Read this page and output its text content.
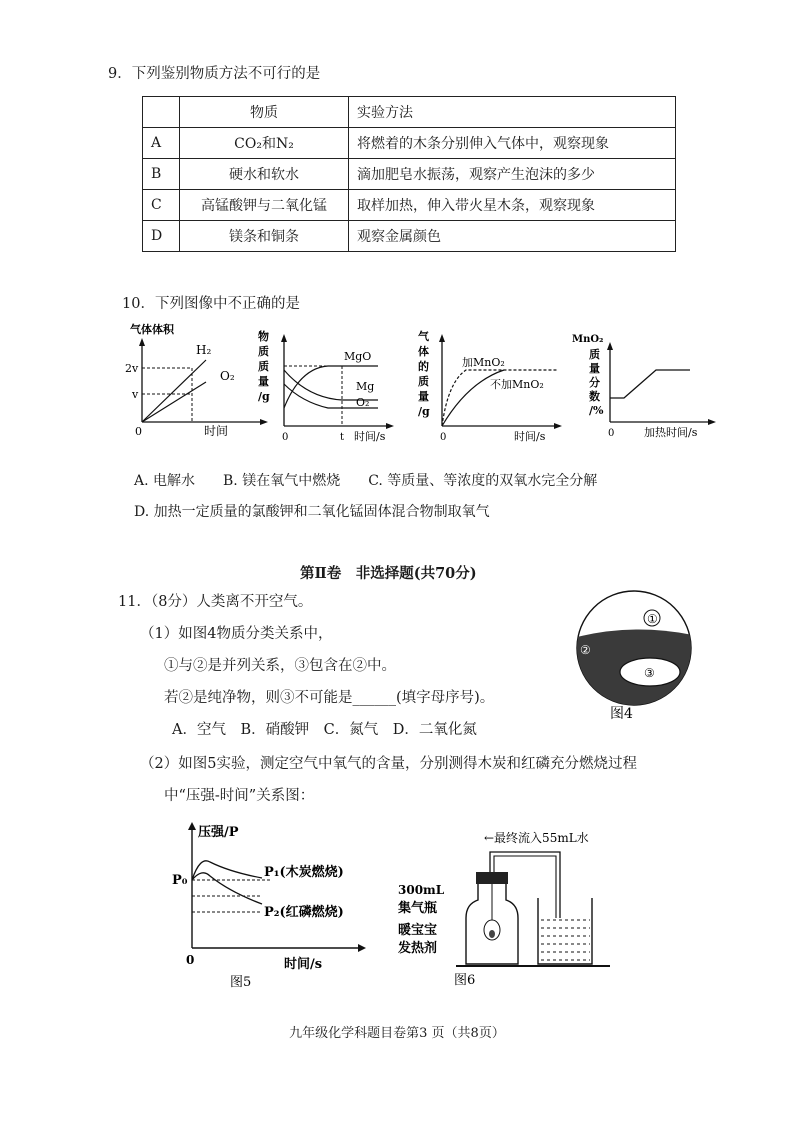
9．下列鉴别物质方法不可行的是
	物质	实验方法
A	CO₂和N₂	将燃着的木条分别伸入气体中，观察现象
B	硬水和软水	滴加肥皂水振荡，观察产生泡沫的多少
C	高锰酸钾与二氧化锰	取样加热，伸入带火星木条，观察现象
D	镁条和铜条	观察金属颜色
10．下列图像中不正确的是
气体体积
2v
v
0	时间
H₂
O₂
物
质
质
量
/g
MgO
Mg
O₂
0	t 时间/s
气
体
的
质
量
/g
加MnO₂
不加MnO₂
0	时间/s
MnO₂
质
量
分
数
/%
0	加热时间/s
A. 电解水　　B. 镁在氧气中燃烧　　C. 等质量、等浓度的双氧水完全分解
D. 加热一定质量的氯酸钾和二氧化锰固体混合物制取氧气
第Ⅱ卷　非选择题(共70分)
11．（8分）人类离不开空气。
（1）如图4物质分类关系中，
①与②是并列关系，③包含在②中。
若②是纯净物，则③不可能是______(填字母序号)。
A．空气　B．硝酸钾　C．氮气　D．二氧化氮
①
②
③
图4
（2）如图5实验，测定空气中氧气的含量，分别测得木炭和红磷充分燃烧过程
中“压强-时间”关系图：
压强/P
P₀
P₁(木炭燃烧)
P₂(红磷燃烧)
0	时间/s
图5
←最终流入55mL水
300mL
集气瓶
暖宝宝
发热剂
图6
九年级化学科题目卷第3 页（共8页）
